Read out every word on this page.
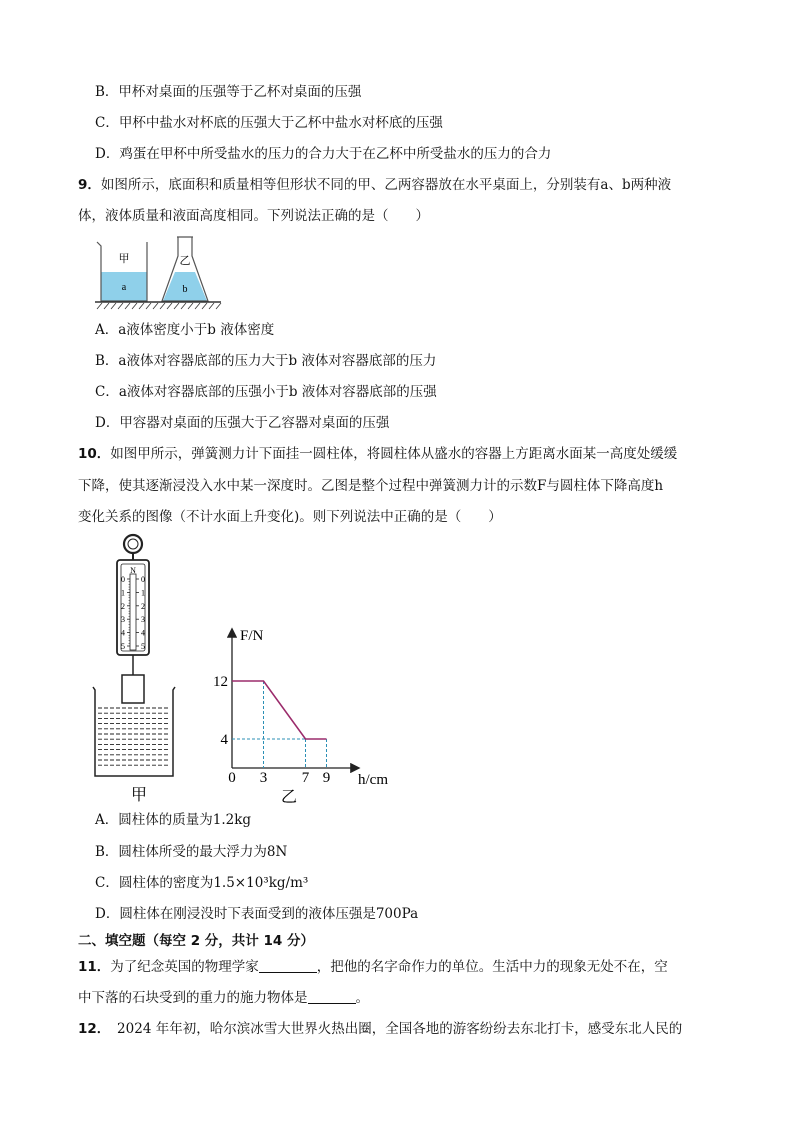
B．甲杯对桌面的压强等于乙杯对桌面的压强
C．甲杯中盐水对杯底的压强大于乙杯中盐水对杯底的压强
D．鸡蛋在甲杯中所受盐水的压力的合力大于在乙杯中所受盐水的压力的合力
9．如图所示，底面积和质量相等但形状不同的甲、乙两容器放在水平桌面上，分别装有a、b两种液
体，液体质量和液面高度相同。下列说法正确的是（　　）
甲
a
乙
b
A．a液体密度小于b 液体密度
B．a液体对容器底部的压力大于b 液体对容器底部的压力
C．a液体对容器底部的压强小于b 液体对容器底部的压强
D．甲容器对桌面的压强大于乙容器对桌面的压强
10．如图甲所示，弹簧测力计下面挂一圆柱体，将圆柱体从盛水的容器上方距离水面某一高度处缓缓
下降，使其逐渐浸没入水中某一深度时。乙图是整个过程中弹簧测力计的示数F与圆柱体下降高度h
变化关系的图像（不计水面上升变化)。则下列说法中正确的是（　　）
N
0 0
1 1
2 2
3 3
4 4
5 5
甲
0 3 7 9
12
4
F/N
h/cm
乙
A．圆柱体的质量为1.2kg
B．圆柱体所受的最大浮力为8N
C．圆柱体的密度为1.5×10³kg/m³
D．圆柱体在刚浸没时下表面受到的液体压强是700Pa
二、填空题（每空 2 分，共计 14 分）
11．为了纪念英国的物理学家	，把他的名字命作力的单位。生活中力的现象无处不在，空
中下落的石块受到的重力的施力物体是	。
12．　2024 年年初，哈尔滨冰雪大世界火热出圈，全国各地的游客纷纷去东北打卡，感受东北人民的
